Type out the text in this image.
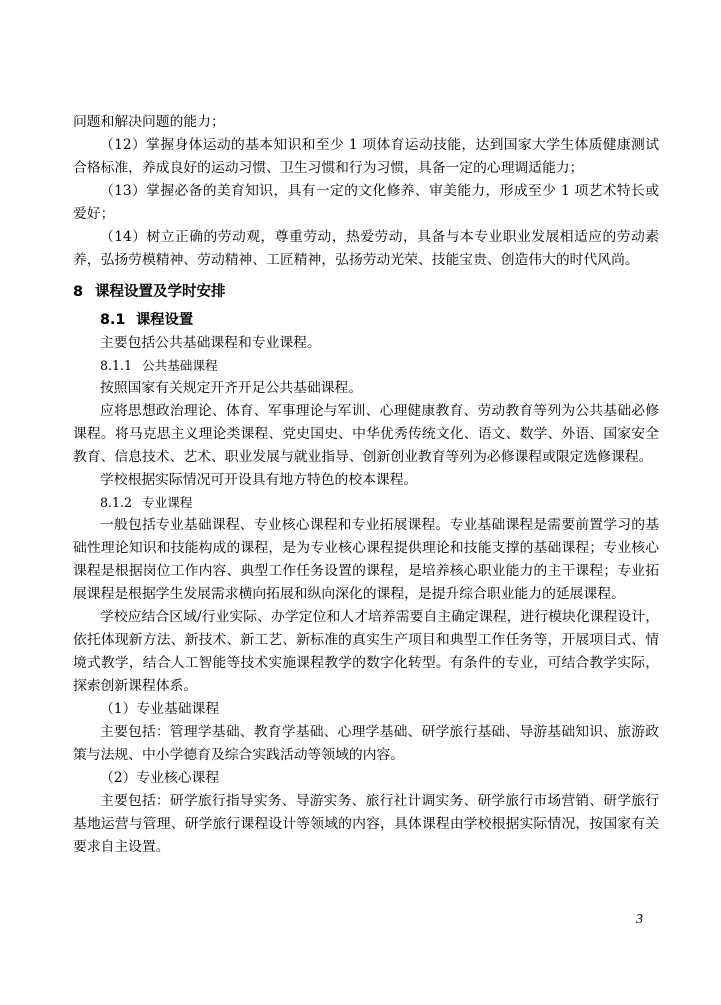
问题和解决问题的能力；

（12）掌握身体运动的基本知识和至少 1 项体育运动技能，达到国家大学生体质健康测试合格标准，养成良好的运动习惯、卫生习惯和行为习惯，具备一定的心理调适能力；

（13）掌握必备的美育知识，具有一定的文化修养、审美能力，形成至少 1 项艺术特长或爱好；

（14）树立正确的劳动观，尊重劳动，热爱劳动，具备与本专业职业发展相适应的劳动素养，弘扬劳模精神、劳动精神、工匠精神，弘扬劳动光荣、技能宝贵、创造伟大的时代风尚。

8 课程设置及学时安排
8.1 课程设置

主要包括公共基础课程和专业课程。

8.1.1 公共基础课程

按照国家有关规定开齐开足公共基础课程。

应将思想政治理论、体育、军事理论与军训、心理健康教育、劳动教育等列为公共基础必修课程。将马克思主义理论类课程、党史国史、中华优秀传统文化、语文、数学、外语、国家安全教育、信息技术、艺术、职业发展与就业指导、创新创业教育等列为必修课程或限定选修课程。

学校根据实际情况可开设具有地方特色的校本课程。

8.1.2 专业课程

一般包括专业基础课程、专业核心课程和专业拓展课程。专业基础课程是需要前置学习的基础性理论知识和技能构成的课程，是为专业核心课程提供理论和技能支撑的基础课程；专业核心课程是根据岗位工作内容、典型工作任务设置的课程，是培养核心职业能力的主干课程；专业拓展课程是根据学生发展需求横向拓展和纵向深化的课程，是提升综合职业能力的延展课程。

学校应结合区域/行业实际、办学定位和人才培养需要自主确定课程，进行模块化课程设计，依托体现新方法、新技术、新工艺、新标准的真实生产项目和典型工作任务等，开展项目式、情境式教学，结合人工智能等技术实施课程教学的数字化转型。有条件的专业，可结合教学实际，探索创新课程体系。

（1）专业基础课程

主要包括：管理学基础、教育学基础、心理学基础、研学旅行基础、导游基础知识、旅游政策与法规、中小学德育及综合实践活动等领域的内容。

（2）专业核心课程

主要包括：研学旅行指导实务、导游实务、旅行社计调实务、研学旅行市场营销、研学旅行基地运营与管理、研学旅行课程设计等领域的内容，具体课程由学校根据实际情况，按国家有关要求自主设置。

3
